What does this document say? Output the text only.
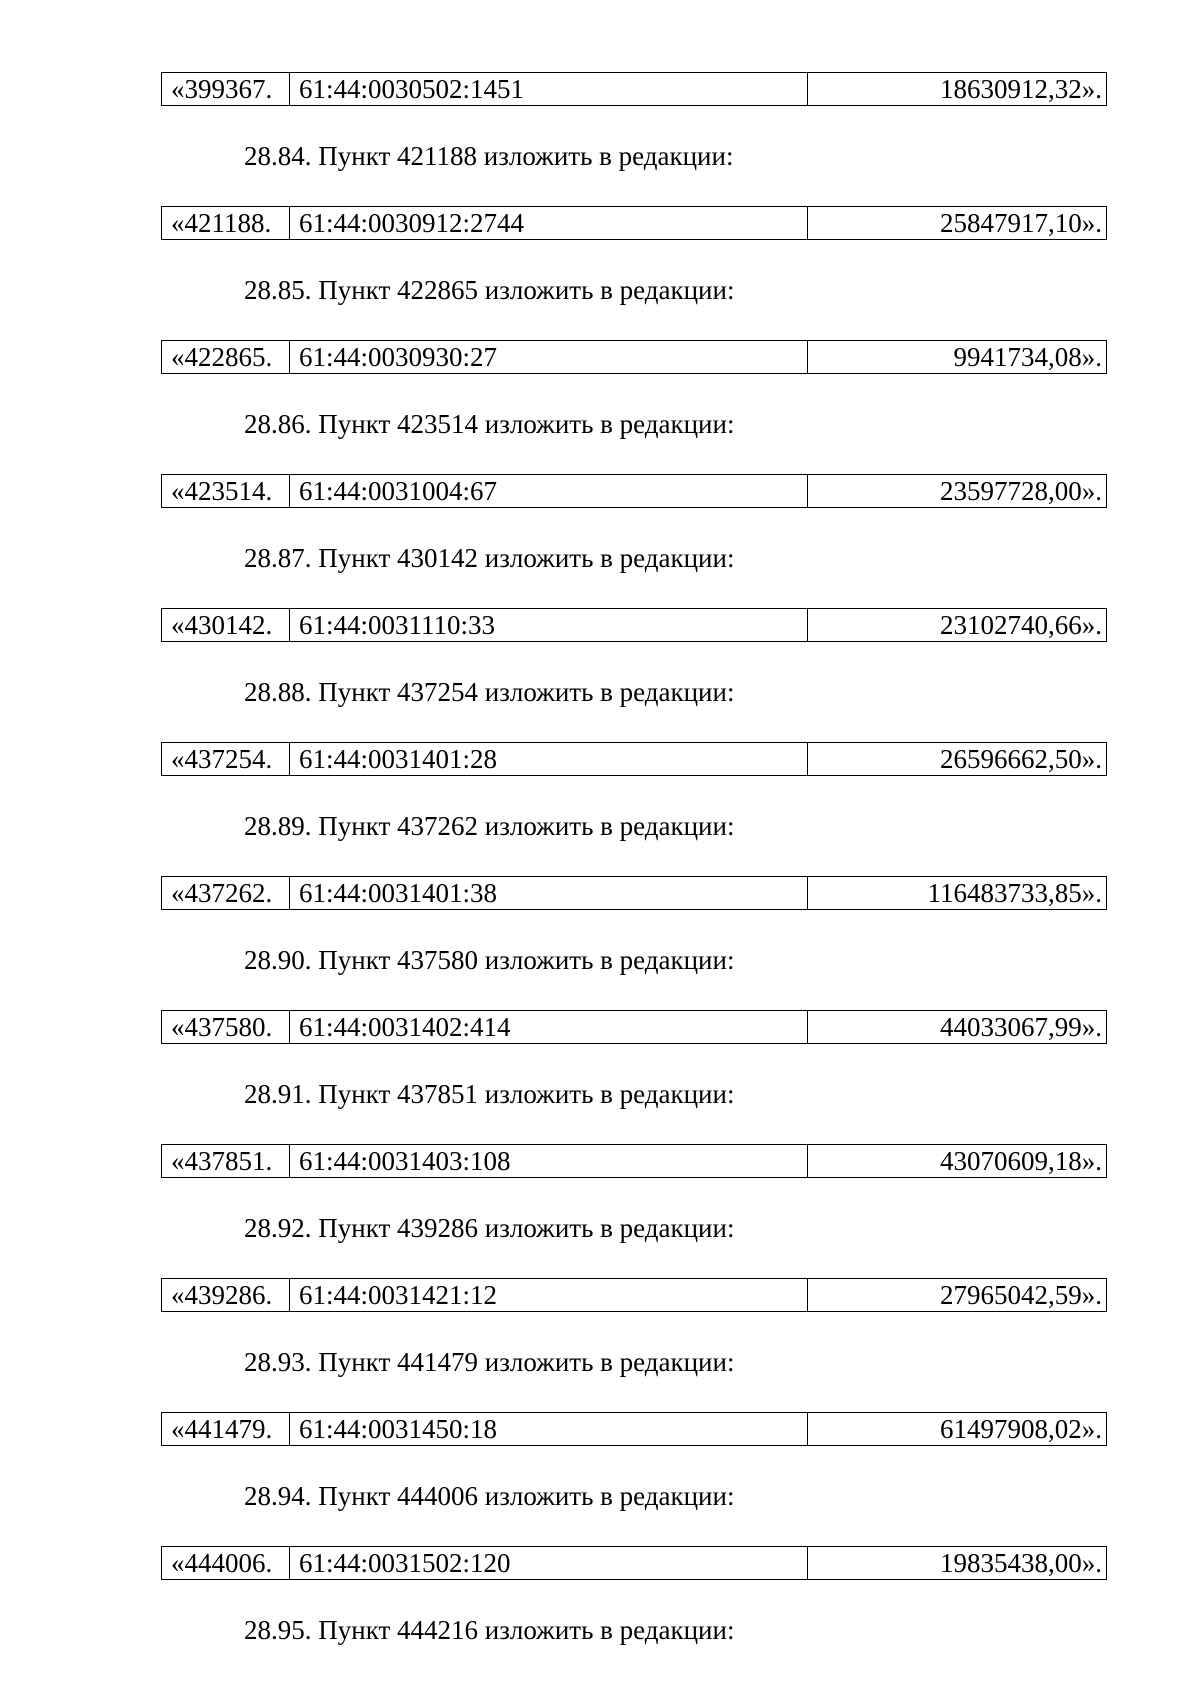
«399367. 61:44:0030502:1451	18630912,32».
28.84. Пункт 421188 изложить в редакции:
«421188.	61:44:0030912:2744	25847917,10».
28.85. Пункт 422865 изложить в редакции:
«422865. 61:44:0030930:27	9941734,08».
28.86. Пункт 423514 изложить в редакции:
«423514. 61:44:0031004:67	23597728,00».
28.87. Пункт 430142 изложить в редакции:
«430142. 61:44:0031110:33	23102740,66».
28.88. Пункт 437254 изложить в редакции:
«437254. 61:44:0031401:28	26596662,50».
28.89. Пункт 437262 изложить в редакции:
«437262. 61:44:0031401:38	116483733,85».
28.90. Пункт 437580 изложить в редакции:
«437580. 61:44:0031402:414	44033067,99».
28.91. Пункт 437851 изложить в редакции:
«437851. 61:44:0031403:108	43070609,18».
28.92. Пункт 439286 изложить в редакции:
«439286. 61:44:0031421:12	27965042,59».
28.93. Пункт 441479 изложить в редакции:
«441479. 61:44:0031450:18	61497908,02».
28.94. Пункт 444006 изложить в редакции:
«444006. 61:44:0031502:120	19835438,00».
28.95. Пункт 444216 изложить в редакции:
